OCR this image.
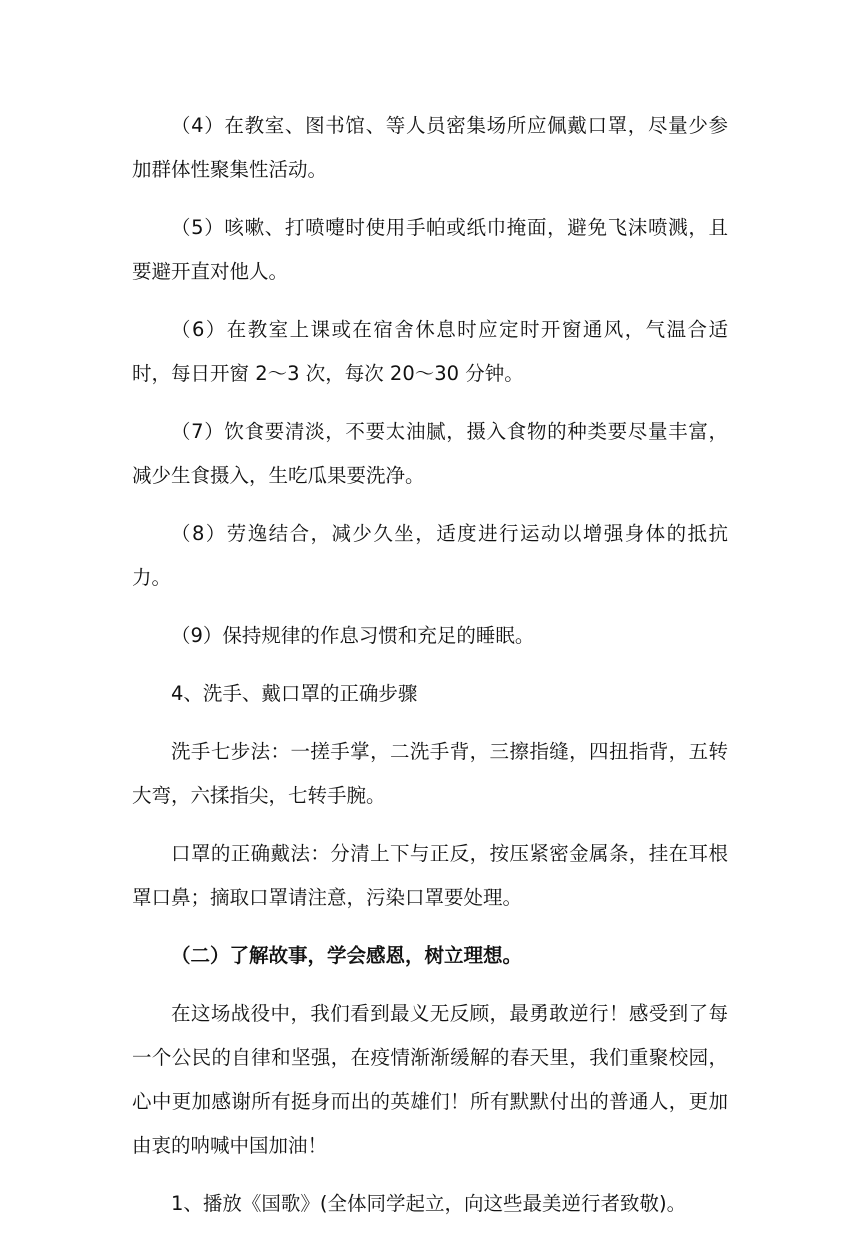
（4）在教室、图书馆、等人员密集场所应佩戴口罩，尽量少参加群体性聚集性活动。

（5）咳嗽、打喷嚏时使用手帕或纸巾掩面，避免飞沫喷溅，且要避开直对他人。

（6）在教室上课或在宿舍休息时应定时开窗通风，气温合适时，每日开窗 2～3 次，每次 20～30 分钟。

（7）饮食要清淡，不要太油腻，摄入食物的种类要尽量丰富，减少生食摄入，生吃瓜果要洗净。

（8）劳逸结合，减少久坐，适度进行运动以增强身体的抵抗力。

（9）保持规律的作息习惯和充足的睡眠。

4、洗手、戴口罩的正确步骤

洗手七步法：一搓手掌，二洗手背，三擦指缝，四扭指背，五转大弯，六揉指尖，七转手腕。

口罩的正确戴法：分清上下与正反，按压紧密金属条，挂在耳根罩口鼻；摘取口罩请注意，污染口罩要处理。

（二）了解故事，学会感恩，树立理想。

在这场战役中，我们看到最义无反顾，最勇敢逆行！感受到了每一个公民的自律和坚强，在疫情渐渐缓解的春天里，我们重聚校园，心中更加感谢所有挺身而出的英雄们！所有默默付出的普通人，更加由衷的呐喊中国加油！

1、播放《国歌》(全体同学起立，向这些最美逆行者致敬)。
